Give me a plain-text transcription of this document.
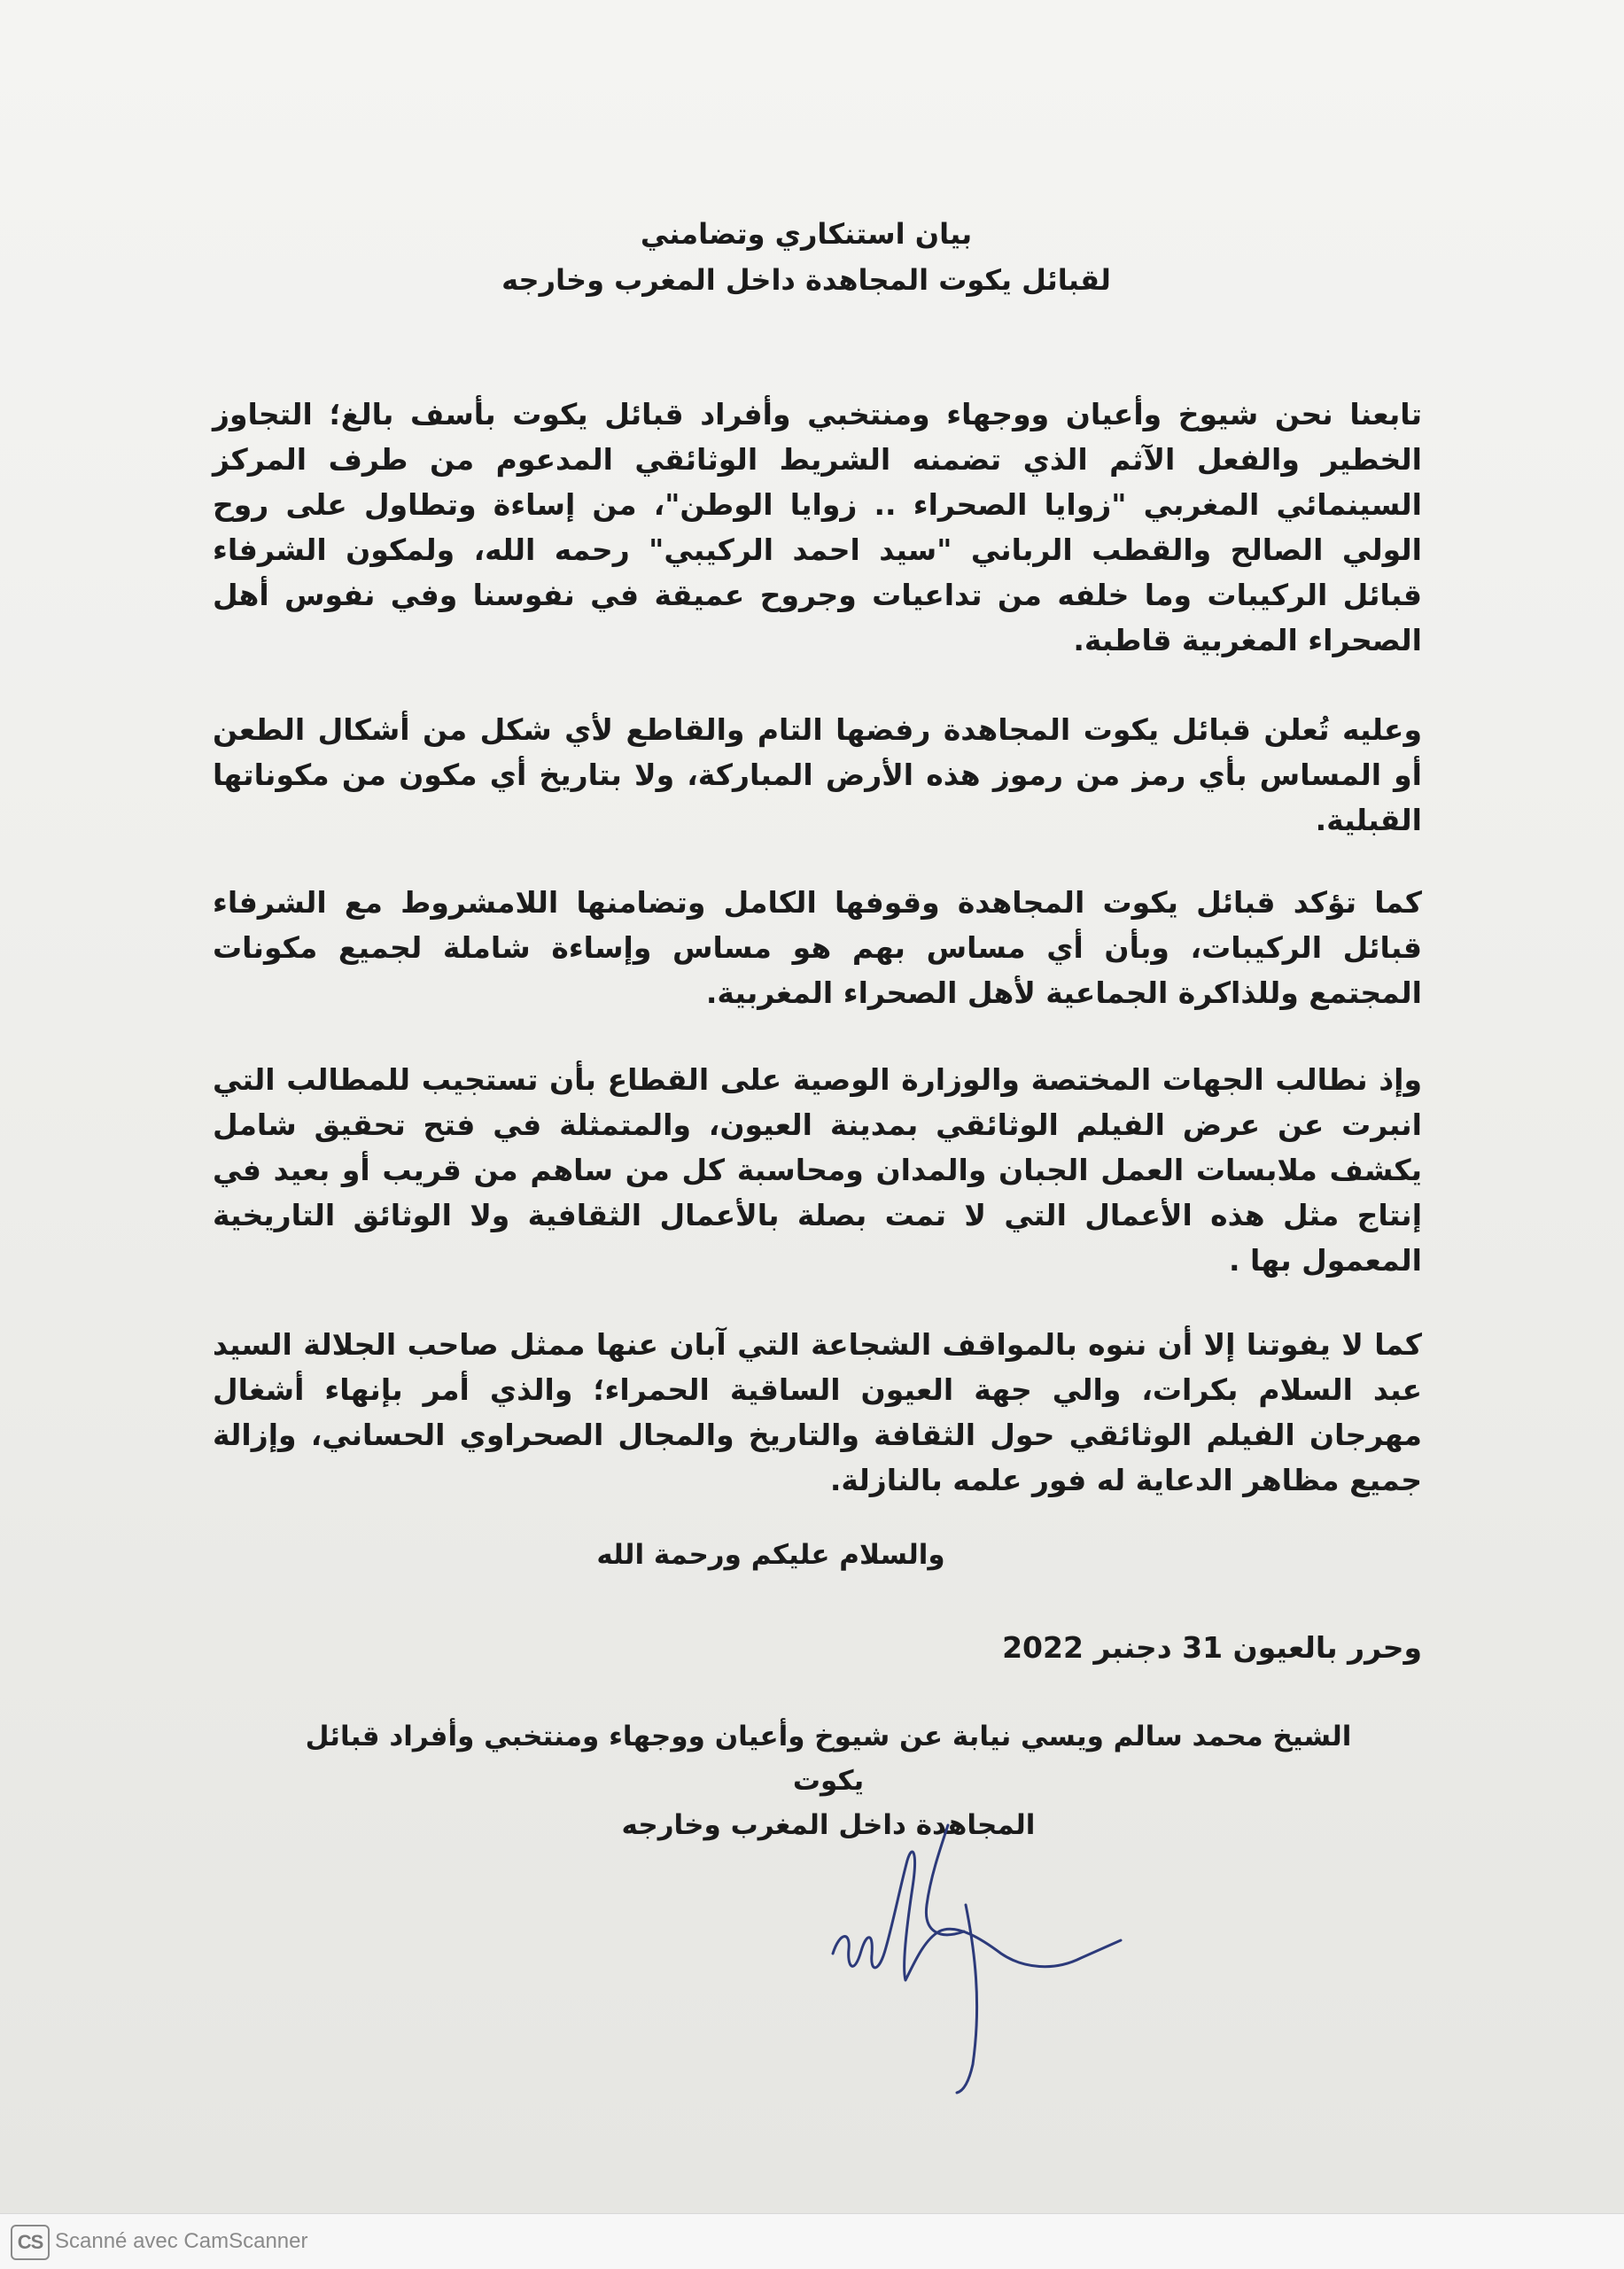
بيان استنكاري وتضامني
لقبائل يكوت المجاهدة داخل المغرب وخارجه
تابعنا نحن شيوخ وأعيان ووجهاء ومنتخبي وأفراد قبائل يكوت بأسف بالغ؛ التجاوز الخطير والفعل الآثم الذي تضمنه الشريط الوثائقي المدعوم من طرف المركز السينمائي المغربي "زوايا الصحراء .. زوايا الوطن"، من إساءة وتطاول على روح الولي الصالح والقطب الرباني "سيد احمد الركيبي" رحمه الله، ولمكون الشرفاء قبائل الركيبات وما خلفه من تداعيات وجروح عميقة في نفوسنا وفي نفوس أهل الصحراء المغربية قاطبة.
وعليه تُعلن قبائل يكوت المجاهدة رفضها التام والقاطع لأي شكل من أشكال الطعن أو المساس بأي رمز من رموز هذه الأرض المباركة، ولا بتاريخ أي مكون من مكوناتها القبلية.
كما تؤكد قبائل يكوت المجاهدة وقوفها الكامل وتضامنها اللامشروط مع الشرفاء قبائل الركيبات، وبأن أي مساس بهم هو مساس وإساءة شاملة لجميع مكونات المجتمع وللذاكرة الجماعية لأهل الصحراء المغربية.
وإذ نطالب الجهات المختصة والوزارة الوصية على القطاع بأن تستجيب للمطالب التي انبرت عن عرض الفيلم الوثائقي بمدينة العيون، والمتمثلة في فتح تحقيق شامل يكشف ملابسات العمل الجبان والمدان ومحاسبة كل من ساهم من قريب أو بعيد في إنتاج مثل هذه الأعمال التي لا تمت بصلة بالأعمال الثقافية ولا الوثائق التاريخية المعمول بها .
كما لا يفوتنا إلا أن ننوه بالمواقف الشجاعة التي آبان عنها ممثل صاحب الجلالة السيد عبد السلام بكرات، والي جهة العيون الساقية الحمراء؛ والذي أمر بإنهاء أشغال مهرجان الفيلم الوثائقي حول الثقافة والتاريخ والمجال الصحراوي الحساني، وإزالة جميع مظاهر الدعاية له فور علمه بالنازلة.
والسلام عليكم ورحمة الله
وحرر بالعيون 31 دجنبر 2022
الشيخ محمد سالم ويسي نيابة عن شيوخ وأعيان ووجهاء ومنتخبي وأفراد قبائل يكوت
المجاهدة داخل المغرب وخارجه
CS Scanné avec CamScanner
